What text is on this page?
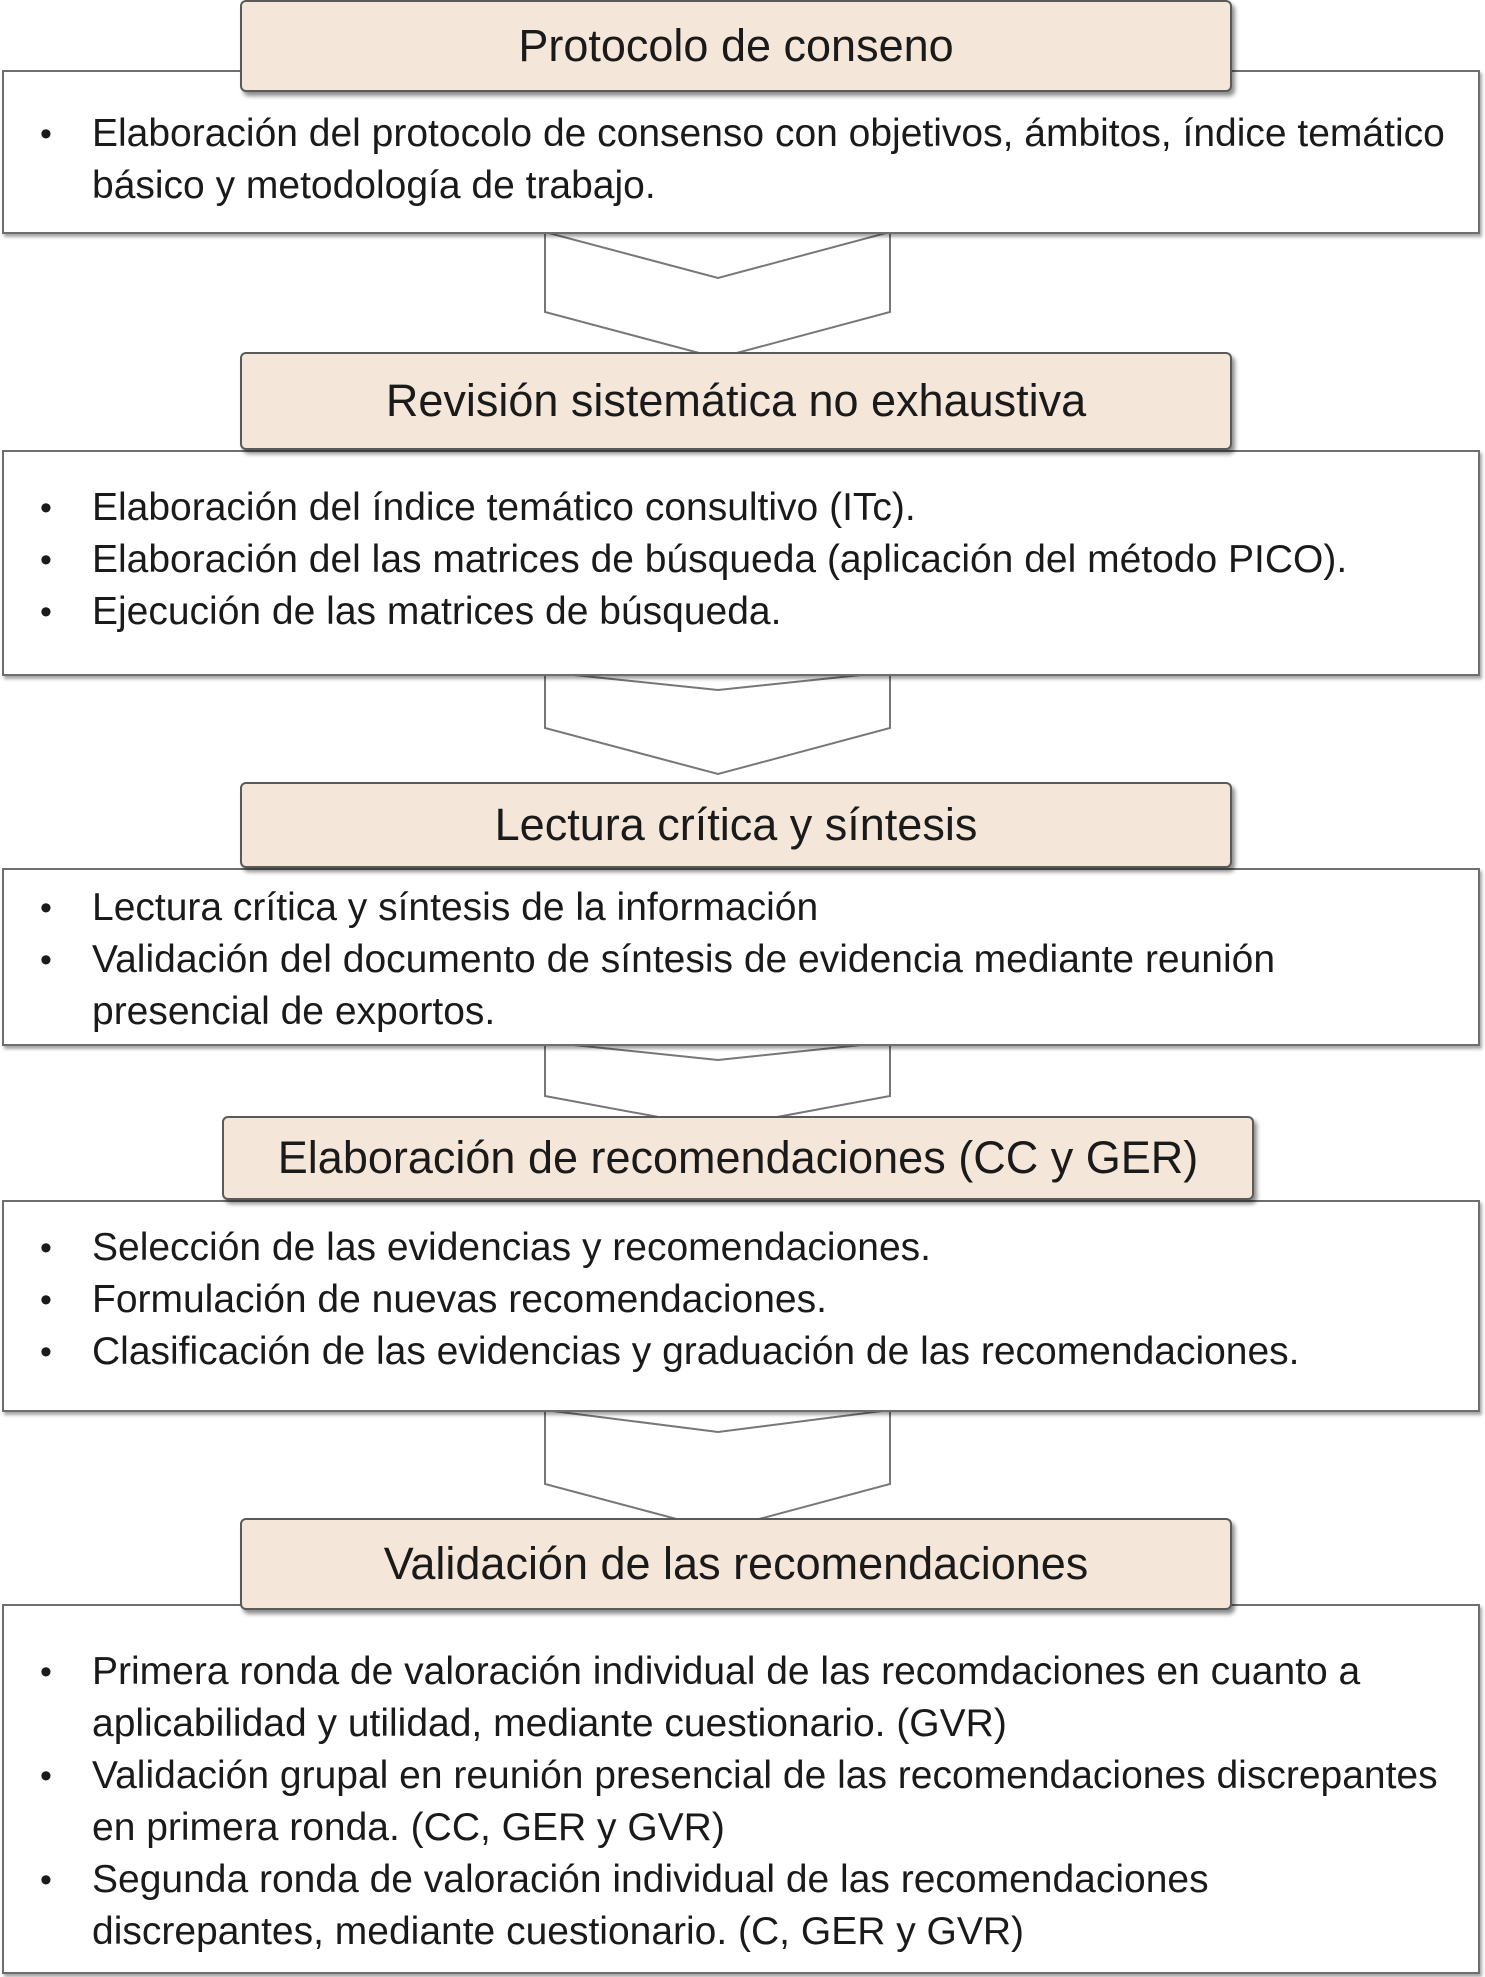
Protocolo de conseno
• Elaboración del protocolo de consenso con objetivos, ámbitos, índice temático básico y metodología de trabajo.
Revisión sistemática no exhaustiva
• Elaboración del índice temático consultivo (ITc).
• Elaboración del las matrices de búsqueda (aplicación del método PICO).
• Ejecución de las matrices de búsqueda.
Lectura crítica y síntesis
• Lectura crítica y síntesis de la información
• Validación del documento de síntesis de evidencia mediante reunión presencial de exportos.
Elaboración de recomendaciones (CC y GER)
• Selección de las evidencias y recomendaciones.
• Formulación de nuevas recomendaciones.
• Clasificación de las evidencias y graduación de las recomendaciones.
Validación de las recomendaciones
• Primera ronda de valoración individual de las recomdaciones en cuanto a aplicabilidad y utilidad, mediante cuestionario. (GVR)
• Validación grupal en reunión presencial de las recomendaciones discrepantes en primera ronda. (CC, GER y GVR)
• Segunda ronda de valoración individual de las recomendaciones discrepantes, mediante cuestionario. (C, GER y GVR)
